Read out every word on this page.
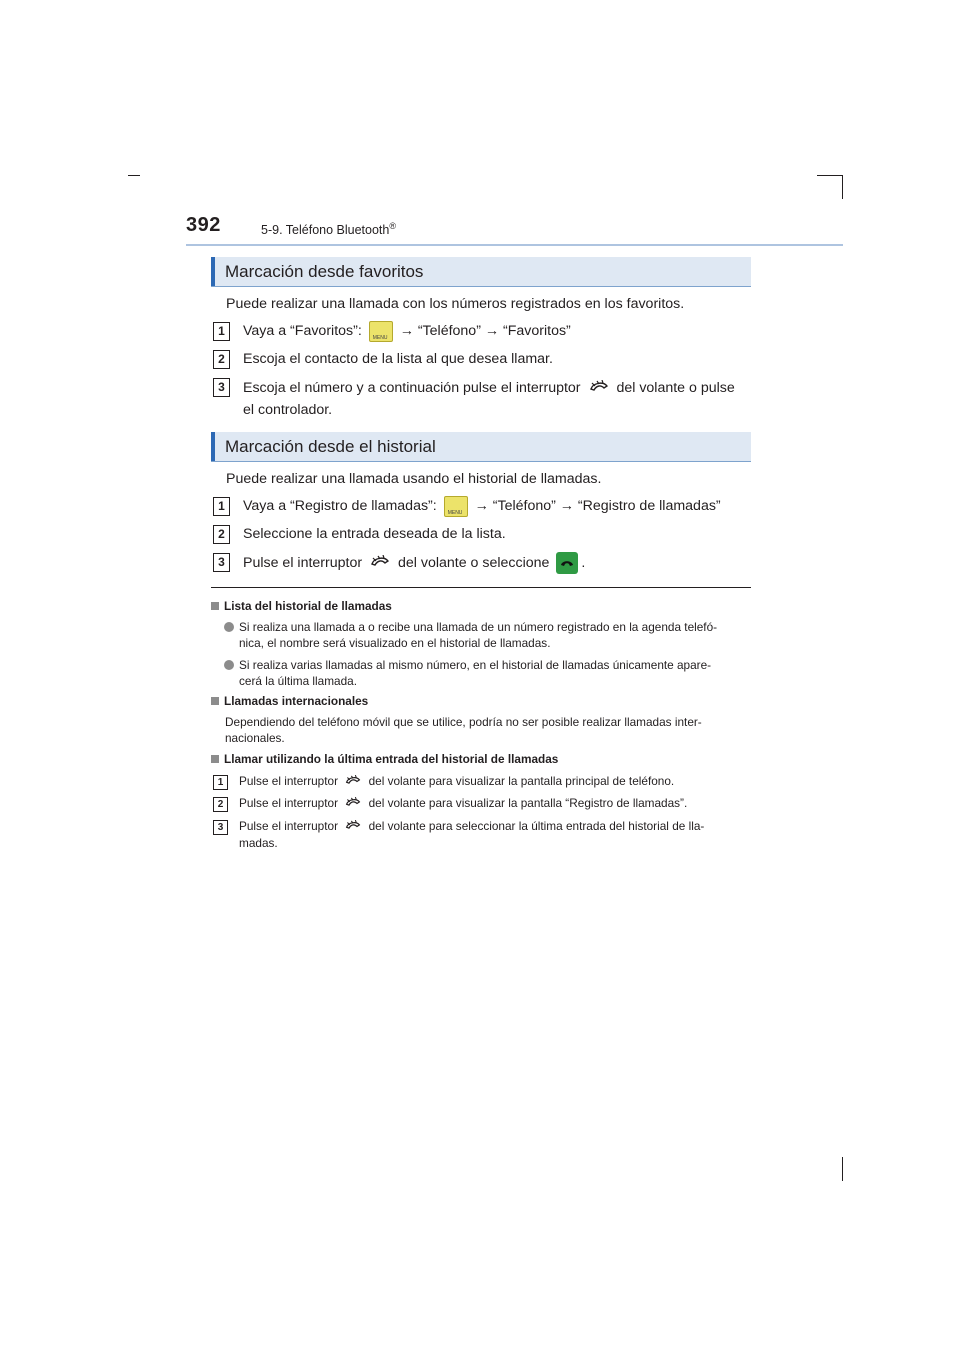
392	5-9. Teléfono Bluetooth®
Marcación desde favoritos
Puede realizar una llamada con los números registrados en los favoritos.
1	Vaya a “Favoritos”: MENU	→ “Teléfono” → “Favoritos”
2	Escoja el contacto de la lista al que desea llamar.
3	Escoja el número y a continuación pulse el interruptor	del volante o pulse
el controlador.
Marcación desde el historial
Puede realizar una llamada usando el historial de llamadas.
1	Vaya a “Registro de llamadas”: MENU	→ “Teléfono” → “Registro de llamadas”
2	Seleccione la entrada deseada de la lista.
3	Pulse el interruptor	del volante o seleccione .
Lista del historial de llamadas
Si realiza una llamada a o recibe una llamada de un número registrado en la agenda telefó-
nica, el nombre será visualizado en el historial de llamadas.
Si realiza varias llamadas al mismo número, en el historial de llamadas únicamente apare-
cerá la última llamada.
Llamadas internacionales
Dependiendo del teléfono móvil que se utilice, podría no ser posible realizar llamadas inter-
nacionales.
Llamar utilizando la última entrada del historial de llamadas
1	Pulse el interruptor	del volante para visualizar la pantalla principal de teléfono.
2	Pulse el interruptor	del volante para visualizar la pantalla “Registro de llamadas”.
3	Pulse el interruptor	del volante para seleccionar la última entrada del historial de lla-
madas.
